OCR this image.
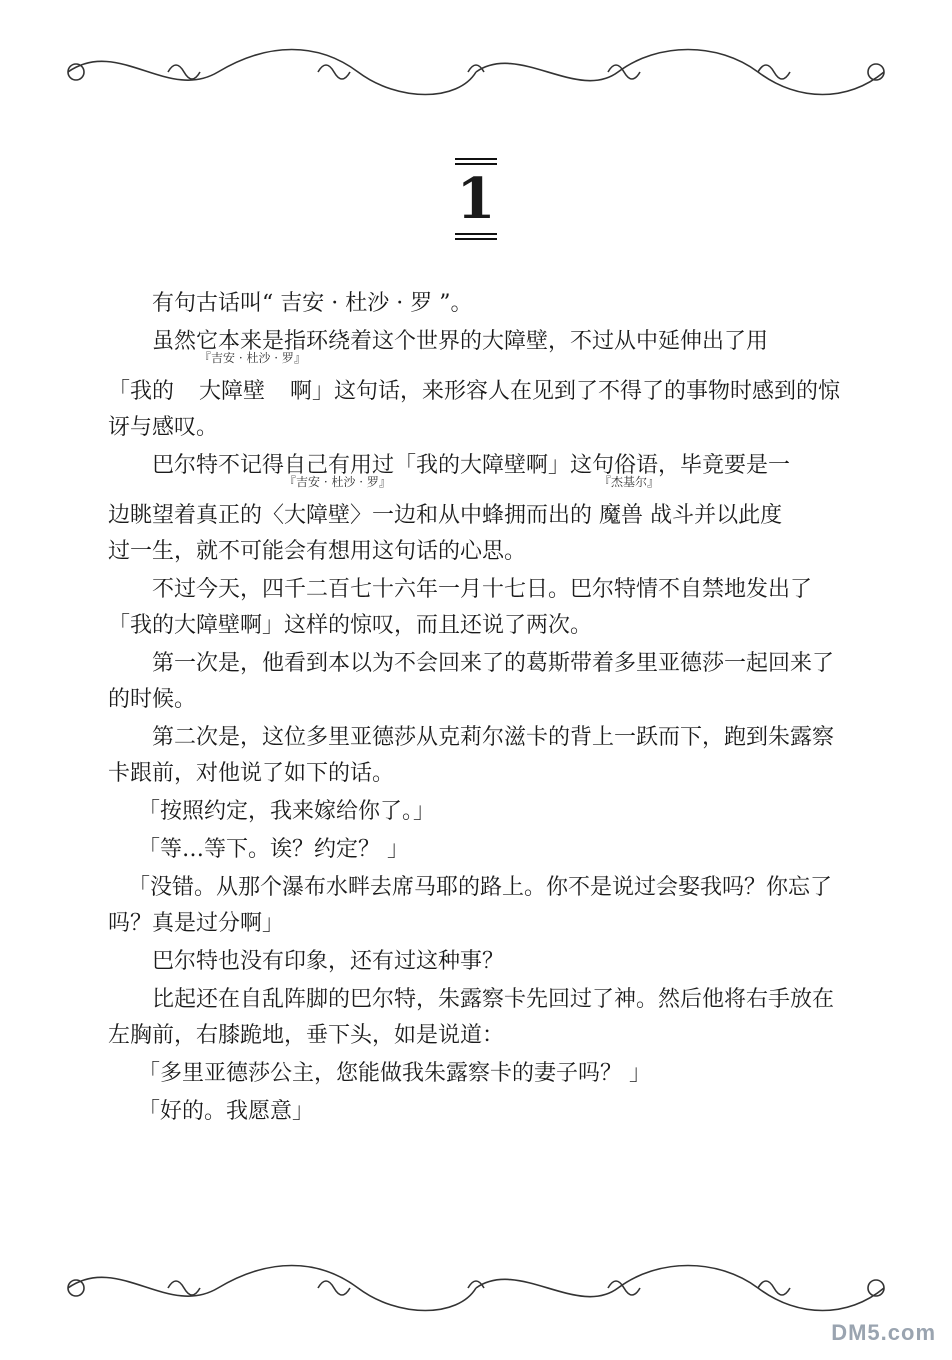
1

有句古话叫“ 吉安 · 杜沙 · 罗 ”。

虽然它本来是指环绕着这个世界的大障壁，不过从中延伸出了用

「我的
『吉安 · 杜沙 · 罗』
大障壁 啊」这句话，来形容人在见到了不得了的事物时感到的惊讶与感叹。

巴尔特不记得自己有用过「我的大障壁啊」这句俗语，毕竟要是一

边眺望着真正的〈
『吉安 · 杜沙 · 罗』
大障壁〉一边和从中蜂拥而出的
『杰基尔』
魔兽 战斗并以此度

过一生，就不可能会有想用这句话的心思。

不过今天，四千二百七十六年一月十七日。巴尔特情不自禁地发出了「我的大障壁啊」这样的惊叹，而且还说了两次。

第一次是，他看到本以为不会回来了的葛斯带着多里亚德莎一起回来了的时候。

第二次是，这位多里亚德莎从克莉尔滋卡的背上一跃而下，跑到朱露察卡跟前，对他说了如下的话。

「按照约定，我来嫁给你了。」

「等…等下。诶？约定？ 」

「没错。从那个瀑布水畔去席马耶的路上。你不是说过会娶我吗？你忘了吗？真是过分啊」

巴尔特也没有印象，还有过这种事？

比起还在自乱阵脚的巴尔特，朱露察卡先回过了神。然后他将右手放在左胸前，右膝跪地，垂下头，如是说道：

「多里亚德莎公主，您能做我朱露察卡的妻子吗？ 」

「好的。我愿意」

DM5.com
